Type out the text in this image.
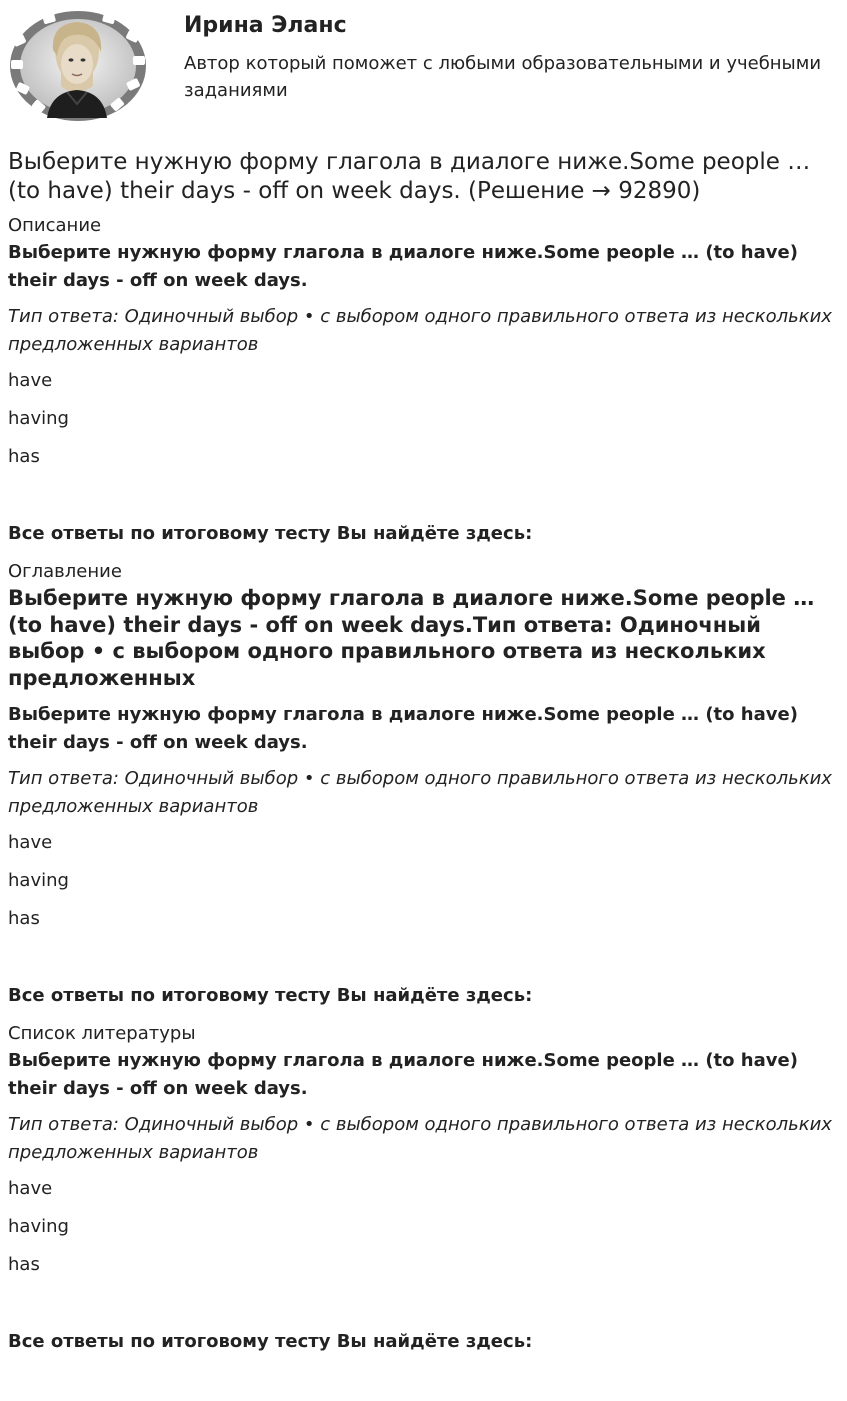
Ирина Эланс
Автор который поможет с любыми образовательными и учебными заданиями
Выберите нужную форму глагола в диалоге ниже.Some people … (to have) their days - off on week days. (Решение → 92890)
Описание
Выберите нужную форму глагола в диалоге ниже.Some people … (to have) their days - off on week days.
Тип ответа: Одиночный выбор • с выбором одного правильного ответа из нескольких предложенных вариантов
have
having
has
Все ответы по итоговому тесту Вы найдёте здесь:
Оглавление
Выберите нужную форму глагола в диалоге ниже.Some people … (to have) their days - off on week days.Тип ответа: Одиночный выбор • с выбором одного правильного ответа из нескольких предложенных
Выберите нужную форму глагола в диалоге ниже.Some people … (to have) their days - off on week days.
Тип ответа: Одиночный выбор • с выбором одного правильного ответа из нескольких предложенных вариантов
have
having
has
Все ответы по итоговому тесту Вы найдёте здесь:
Список литературы
Выберите нужную форму глагола в диалоге ниже.Some people … (to have) their days - off on week days.
Тип ответа: Одиночный выбор • с выбором одного правильного ответа из нескольких предложенных вариантов
have
having
has
Все ответы по итоговому тесту Вы найдёте здесь:
